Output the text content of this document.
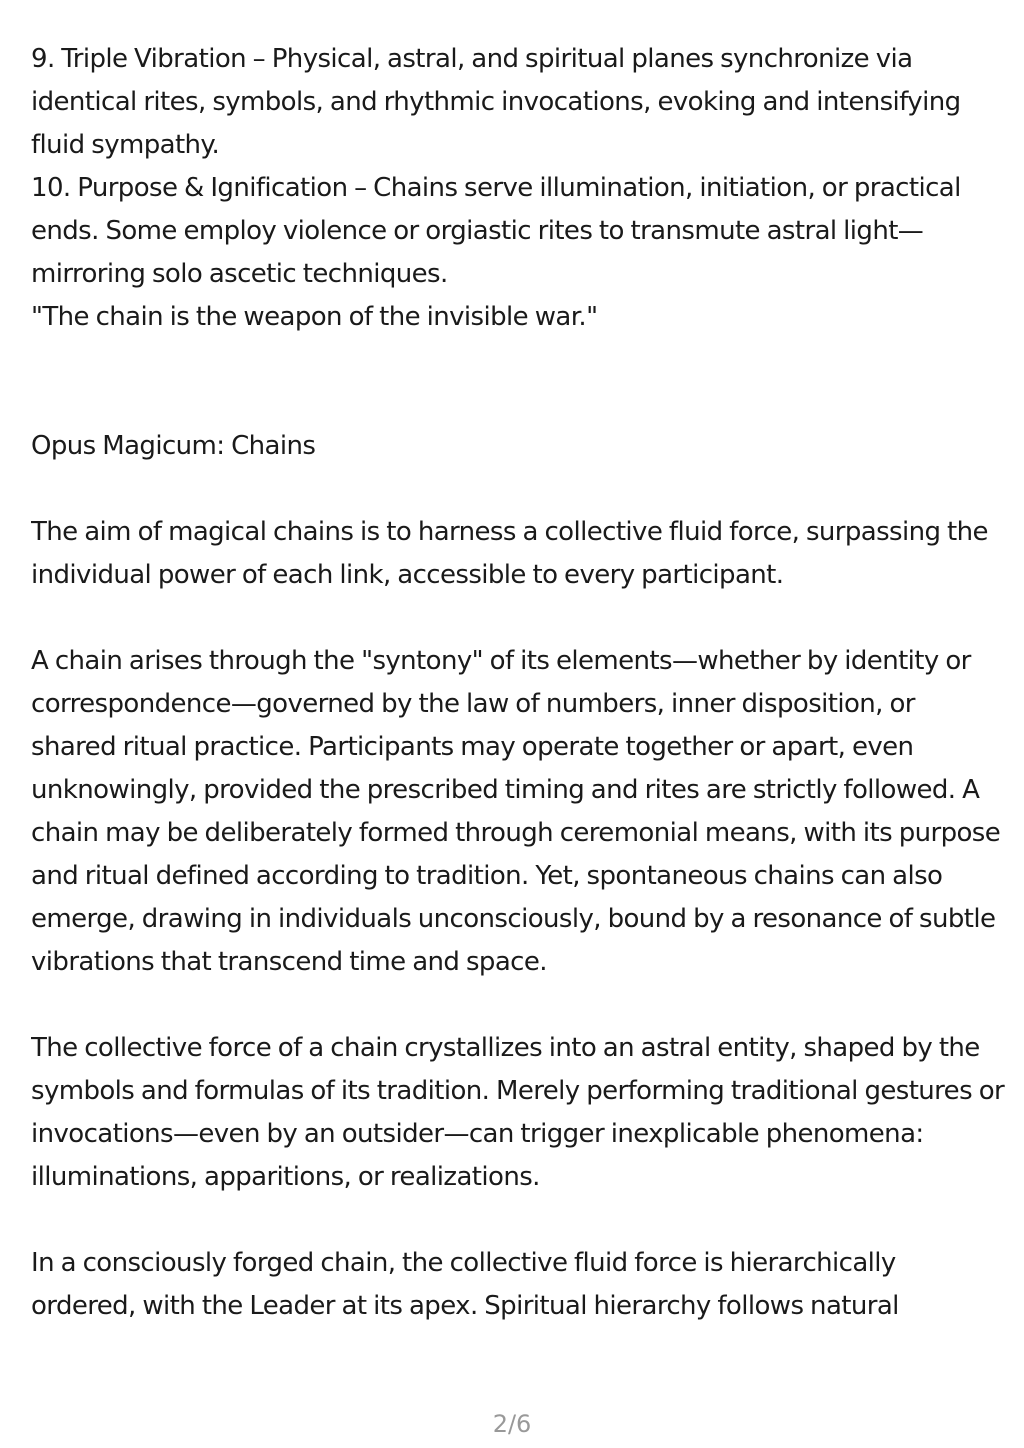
9. Triple Vibration – Physical, astral, and spiritual planes synchronize via identical rites, symbols, and rhythmic invocations, evoking and intensifying fluid sympathy.

10. Purpose & Ignification – Chains serve illumination, initiation, or practical ends. Some employ violence or orgiastic rites to transmute astral light—mirroring solo ascetic techniques.

"The chain is the weapon of the invisible war."

Opus Magicum: Chains

The aim of magical chains is to harness a collective fluid force, surpassing the individual power of each link, accessible to every participant.

A chain arises through the "syntony" of its elements—whether by identity or correspondence—governed by the law of numbers, inner disposition, or shared ritual practice. Participants may operate together or apart, even unknowingly, provided the prescribed timing and rites are strictly followed. A chain may be deliberately formed through ceremonial means, with its purpose and ritual defined according to tradition. Yet, spontaneous chains can also emerge, drawing in individuals unconsciously, bound by a resonance of subtle vibrations that transcend time and space.

The collective force of a chain crystallizes into an astral entity, shaped by the symbols and formulas of its tradition. Merely performing traditional gestures or invocations—even by an outsider—can trigger inexplicable phenomena: illuminations, apparitions, or realizations.

In a consciously forged chain, the collective fluid force is hierarchically ordered, with the Leader at its apex. Spiritual hierarchy follows natural

2/6
